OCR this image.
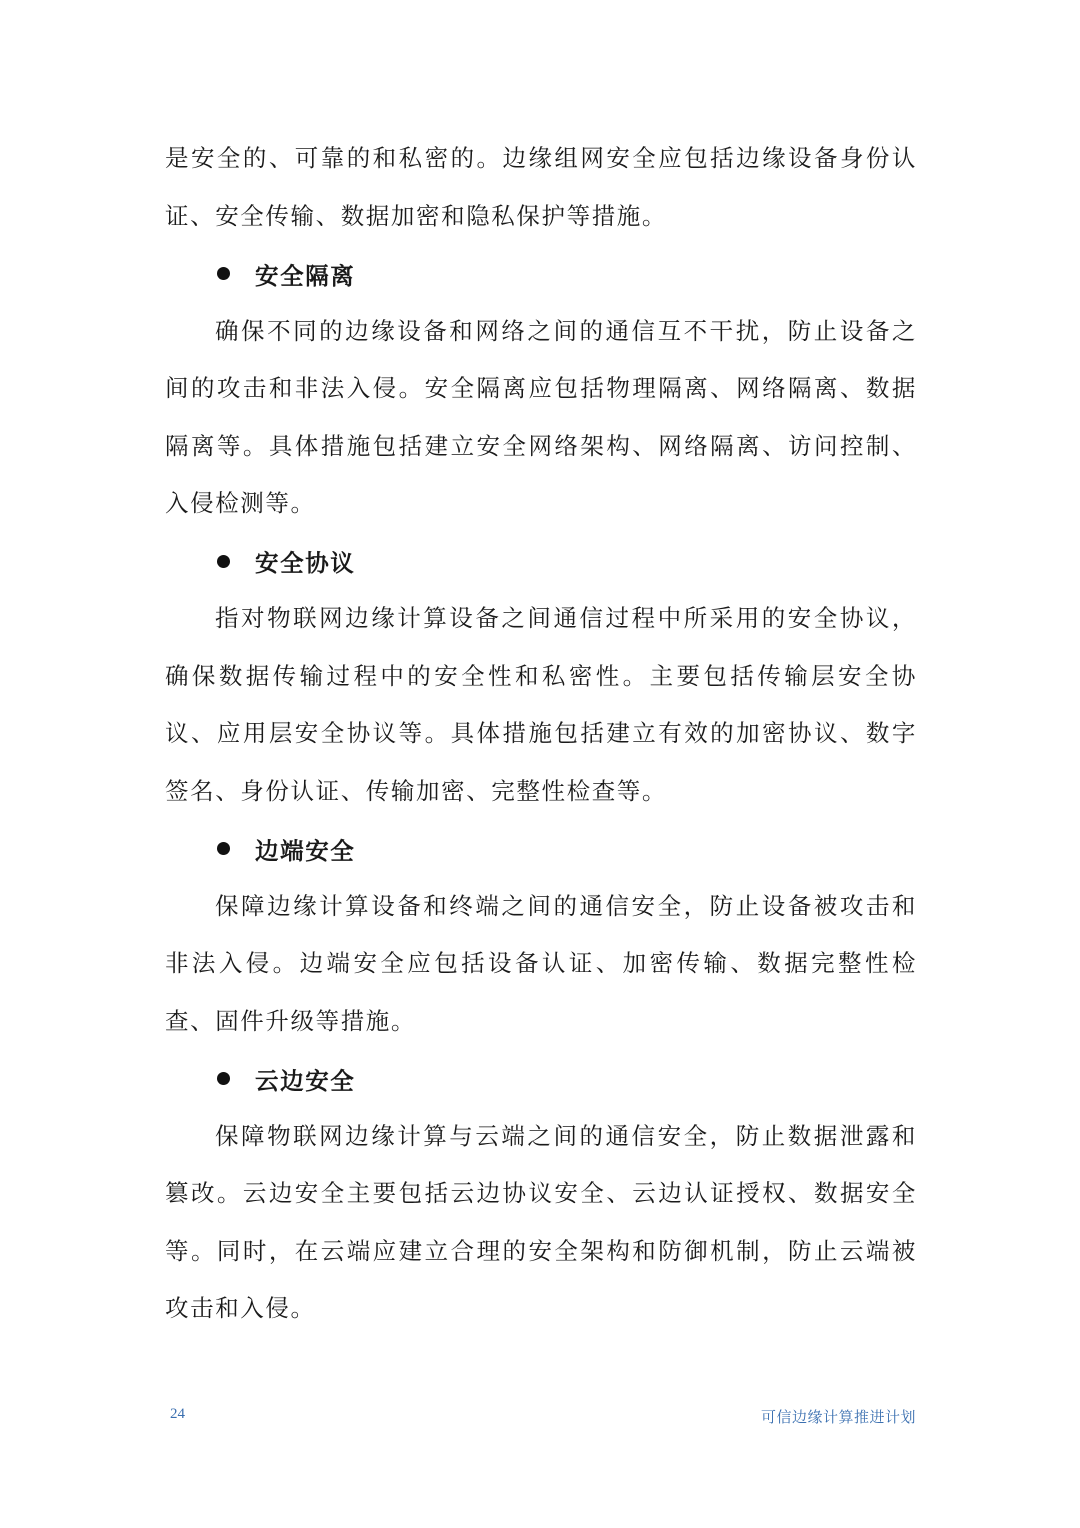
是安全的、可靠的和私密的。边缘组网安全应包括边缘设备身份认证、安全传输、数据加密和隐私保护等措施。

安全隔离

确保不同的边缘设备和网络之间的通信互不干扰，防止设备之间的攻击和非法入侵。安全隔离应包括物理隔离、网络隔离、数据隔离等。具体措施包括建立安全网络架构、网络隔离、访问控制、入侵检测等。

安全协议

指对物联网边缘计算设备之间通信过程中所采用的安全协议，确保数据传输过程中的安全性和私密性。主要包括传输层安全协议、应用层安全协议等。具体措施包括建立有效的加密协议、数字签名、身份认证、传输加密、完整性检查等。

边端安全

保障边缘计算设备和终端之间的通信安全，防止设备被攻击和非法入侵。边端安全应包括设备认证、加密传输、数据完整性检查、固件升级等措施。

云边安全

保障物联网边缘计算与云端之间的通信安全，防止数据泄露和篡改。云边安全主要包括云边协议安全、云边认证授权、数据安全等。同时，在云端应建立合理的安全架构和防御机制，防止云端被攻击和入侵。

24	可信边缘计算推进计划
